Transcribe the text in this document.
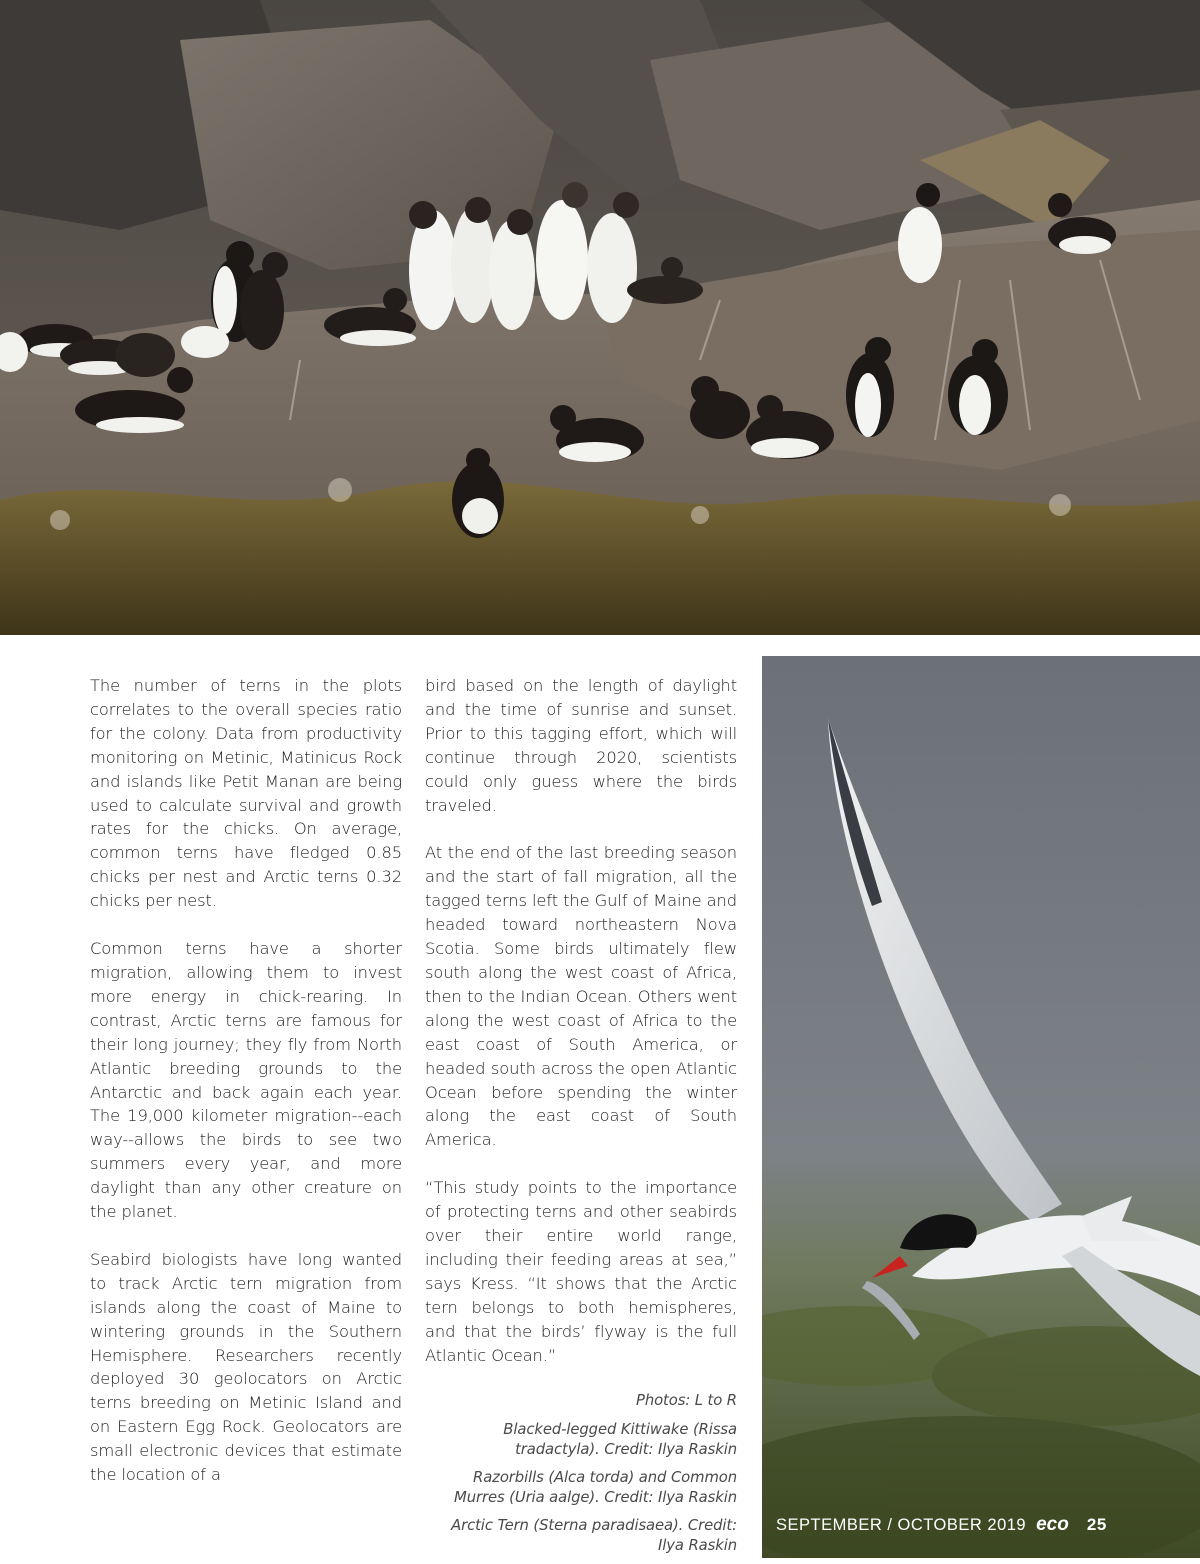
The number of terns in the plots correlates to the overall species ratio for the colony. Data from productivity monitoring on Metinic, Matinicus Rock and islands like Petit Manan are being used to calculate survival and growth rates for the chicks. On average, common terns have fledged 0.85 chicks per nest and Arctic terns 0.32 chicks per nest.

Common terns have a shorter migration, allowing them to invest more energy in chick-rearing. In contrast, Arctic terns are famous for their long journey; they fly from North Atlantic breeding grounds to the Antarctic and back again each year. The 19,000 kilometer migration--each way--allows the birds to see two summers every year, and more daylight than any other creature on the planet.

Seabird biologists have long wanted to track Arctic tern migration from islands along the coast of Maine to wintering grounds in the Southern Hemisphere. Researchers recently deployed 30 geolocators on Arctic terns breeding on Metinic Island and on Eastern Egg Rock. Geolocators are small electronic devices that estimate the location of a

bird based on the length of daylight and the time of sunrise and sunset. Prior to this tagging effort, which will continue through 2020, scientists could only guess where the birds traveled.

At the end of the last breeding season and the start of fall migration, all the tagged terns left the Gulf of Maine and headed toward northeastern Nova Scotia. Some birds ultimately flew south along the west coast of Africa, then to the Indian Ocean. Others went along the west coast of Africa to the east coast of South America, or headed south across the open Atlantic Ocean before spending the winter along the east coast of South America.

“This study points to the importance of protecting terns and other seabirds over their entire world range, including their feeding areas at sea,” says Kress. “It shows that the Arctic tern belongs to both hemispheres, and that the birds’ flyway is the full Atlantic Ocean.”

Photos: L to R
Blacked-legged Kittiwake (Rissa tradactyla). Credit: Ilya Raskin
Razorbills (Alca torda) and Common Murres (Uria aalge). Credit: Ilya Raskin
Arctic Tern (Sterna paradisaea). Credit: Ilya Raskin
SEPTEMBER / OCTOBER 2019 eco 25
